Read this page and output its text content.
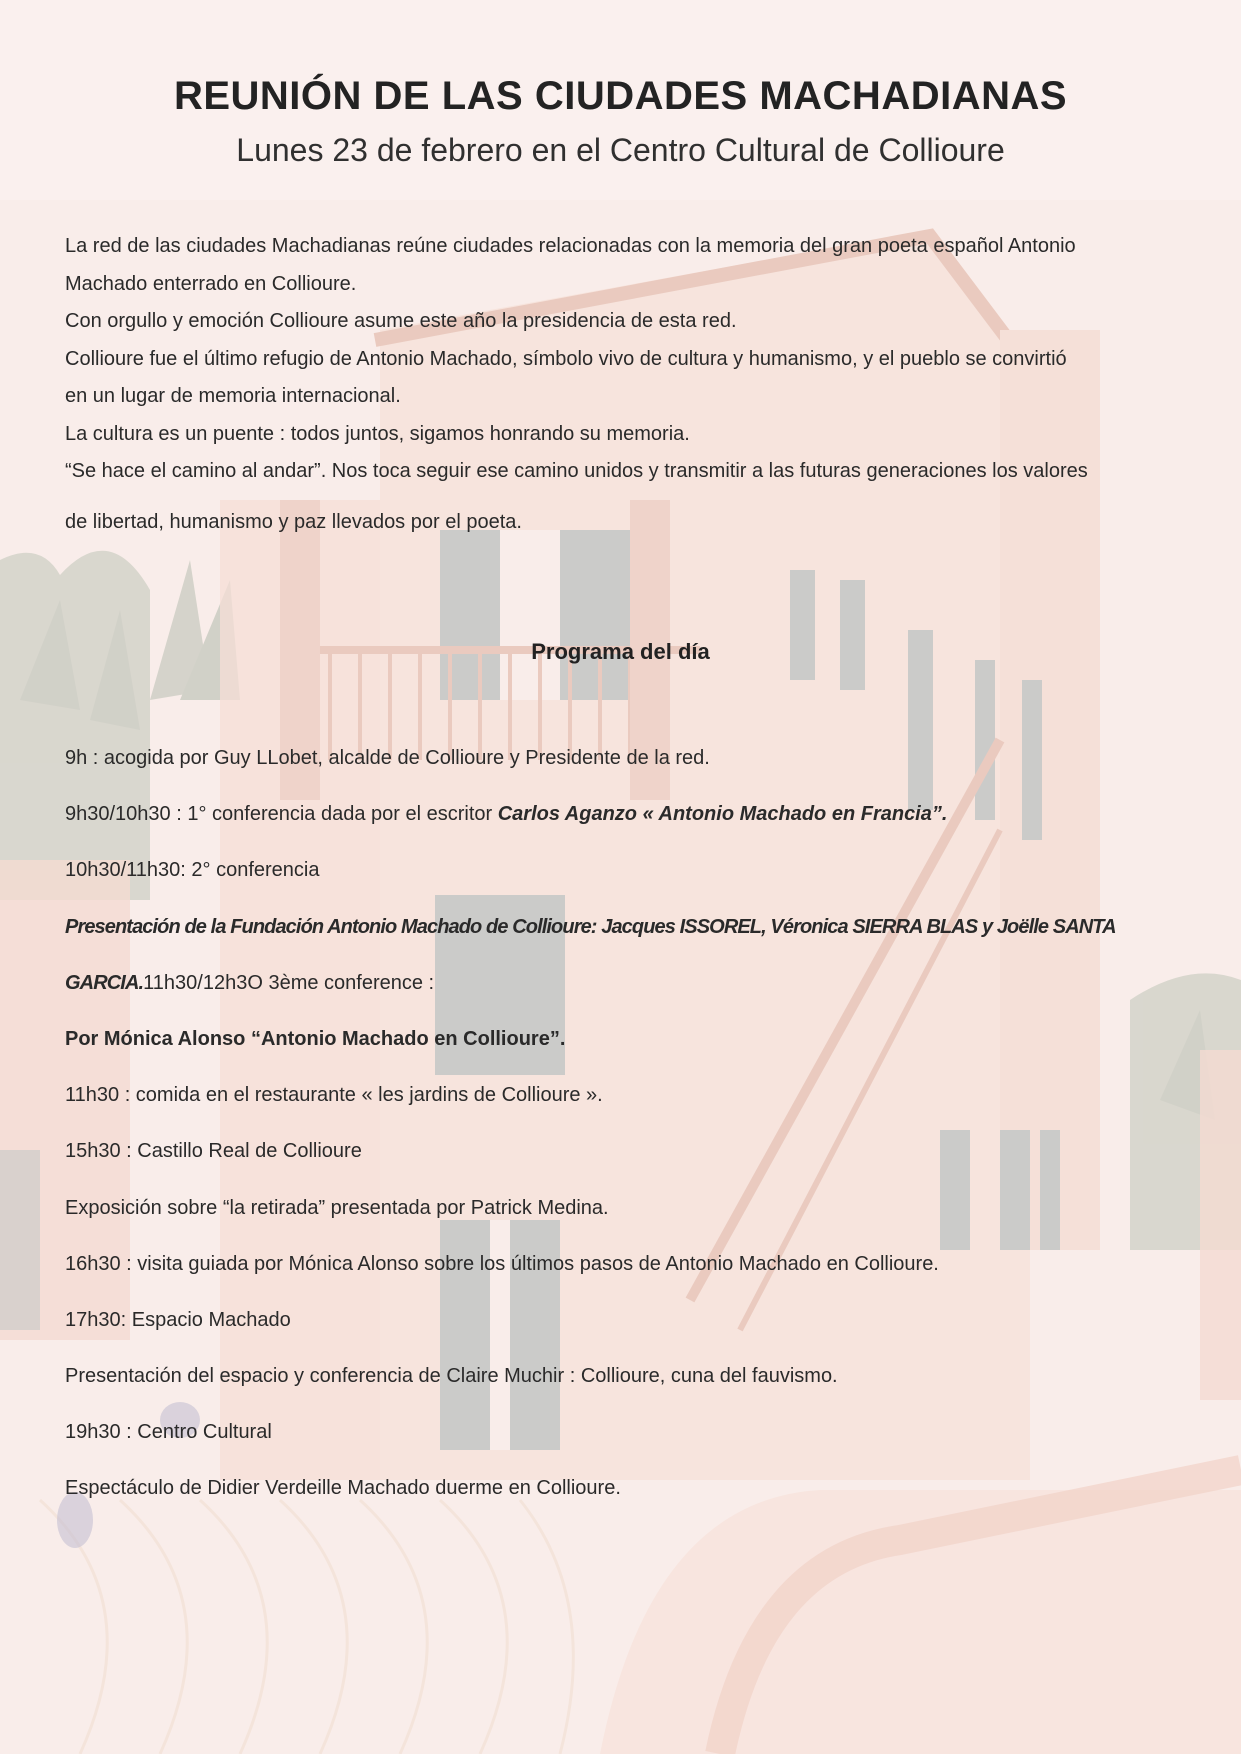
REUNIÓN DE LAS CIUDADES MACHADIANAS
Lunes 23 de febrero en el Centro Cultural de Collioure

La red de las ciudades Machadianas reúne ciudades relacionadas con la memoria del gran poeta español Antonio

Machado enterrado en Collioure.

Con orgullo y emoción Collioure asume este año la presidencia de esta red.

Collioure fue el último refugio de Antonio Machado, símbolo vivo de cultura y humanismo, y el pueblo se convirtió

en un lugar de memoria internacional.

La cultura es un puente : todos juntos, sigamos honrando su memoria.

“Se hace el camino al andar”. Nos toca seguir ese camino unidos y transmitir a las futuras generaciones los valores

de libertad, humanismo y paz llevados por el poeta.

Programa del día

9h : acogida por Guy LLobet, alcalde de Collioure y Presidente de la red.

9h30/10h30 : 1° conferencia dada por el escritor Carlos Aganzo « Antonio Machado en Francia”.

10h30/11h30: 2° conferencia

Presentación de la Fundación Antonio Machado de Collioure: Jacques ISSOREL, Véronica SIERRA BLAS y Joëlle SANTA

GARCIA.11h30/12h3O 3ème conference :

Por Mónica Alonso “Antonio Machado en Collioure”.

11h30 : comida en el restaurante « les jardins de Collioure ».

15h30 : Castillo Real de Collioure

Exposición sobre “la retirada” presentada por Patrick Medina.

16h30 : visita guiada por Mónica Alonso sobre los últimos pasos de Antonio Machado en Collioure.

17h30: Espacio Machado

Presentación del espacio y conferencia de Claire Muchir : Collioure, cuna del fauvismo.

19h30 : Centro Cultural

Espectáculo de Didier Verdeille Machado duerme en Collioure.
